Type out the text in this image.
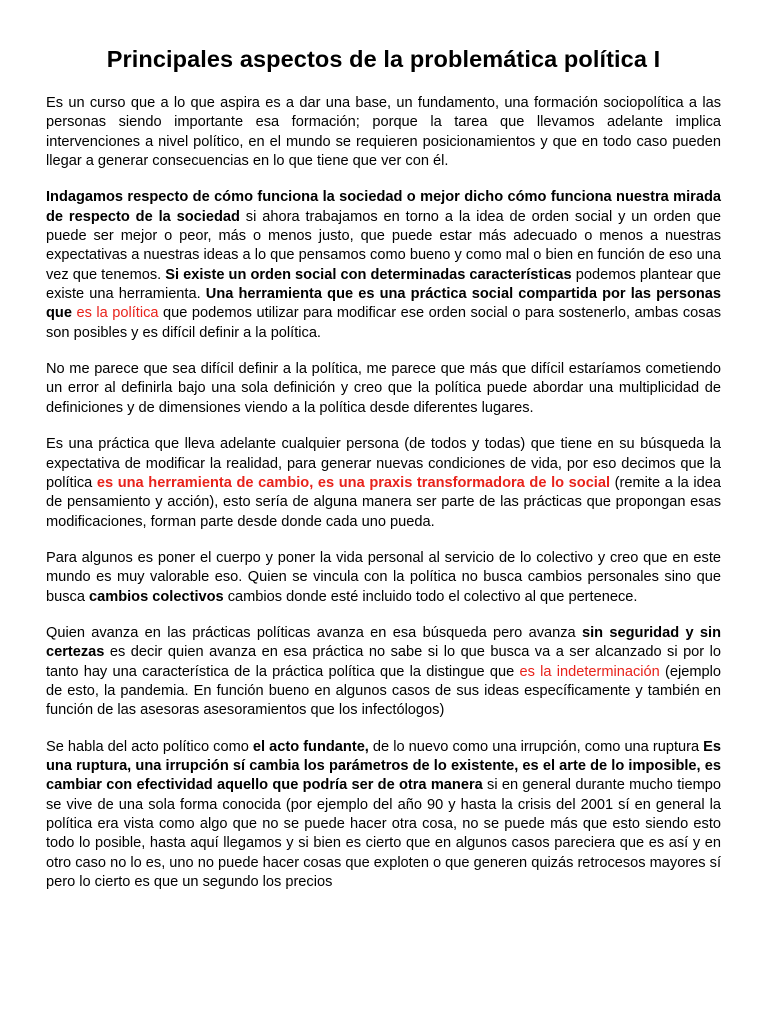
Principales aspectos de la problemática política I

Es un curso que a lo que aspira es a dar una base, un fundamento, una formación sociopolítica a las personas siendo importante esa formación; porque la tarea que llevamos adelante implica intervenciones a nivel político, en el mundo se requieren posicionamientos y que en todo caso pueden llegar a generar consecuencias en lo que tiene que ver con él.

Indagamos respecto de cómo funciona la sociedad o mejor dicho cómo funciona nuestra mirada de respecto de la sociedad si ahora trabajamos en torno a la idea de orden social y un orden que puede ser mejor o peor, más o menos justo, que puede estar más adecuado o menos a nuestras expectativas a nuestras ideas a lo que pensamos como bueno y como mal o bien en función de eso una vez que tenemos. Si existe un orden social con determinadas características podemos plantear que existe una herramienta. Una herramienta que es una práctica social compartida por las personas que es la política que podemos utilizar para modificar ese orden social o para sostenerlo, ambas cosas son posibles y es difícil definir a la política.

No me parece que sea difícil definir a la política, me parece que más que difícil estaríamos cometiendo un error al definirla bajo una sola definición y creo que la política puede abordar una multiplicidad de definiciones y de dimensiones viendo a la política desde diferentes lugares.

Es una práctica que lleva adelante cualquier persona (de todos y todas) que tiene en su búsqueda la expectativa de modificar la realidad, para generar nuevas condiciones de vida, por eso decimos que la política es una herramienta de cambio, es una praxis transformadora de lo social (remite a la idea de pensamiento y acción), esto sería de alguna manera ser parte de las prácticas que propongan esas modificaciones, forman parte desde donde cada uno pueda.

Para algunos es poner el cuerpo y poner la vida personal al servicio de lo colectivo y creo que en este mundo es muy valorable eso. Quien se vincula con la política no busca cambios personales sino que busca cambios colectivos cambios donde esté incluido todo el colectivo al que pertenece.

Quien avanza en las prácticas políticas avanza en esa búsqueda pero avanza sin seguridad y sin certezas es decir quien avanza en esa práctica no sabe si lo que busca va a ser alcanzado si por lo tanto hay una característica de la práctica política que la distingue que es la indeterminación (ejemplo de esto, la pandemia. En función bueno en algunos casos de sus ideas específicamente y también en función de las asesoras asesoramientos que los infectólogos)

Se habla del acto político como el acto fundante, de lo nuevo como una irrupción, como una ruptura Es una ruptura, una irrupción sí cambia los parámetros de lo existente, es el arte de lo imposible, es cambiar con efectividad aquello que podría ser de otra manera si en general durante mucho tiempo se vive de una sola forma conocida (por ejemplo del año 90 y hasta la crisis del 2001 sí en general la política era vista como algo que no se puede hacer otra cosa, no se puede más que esto siendo esto todo lo posible, hasta aquí llegamos y si bien es cierto que en algunos casos pareciera que es así y en otro caso no lo es, uno no puede hacer cosas que exploten o que generen quizás retrocesos mayores sí pero lo cierto es que un segundo los precios
